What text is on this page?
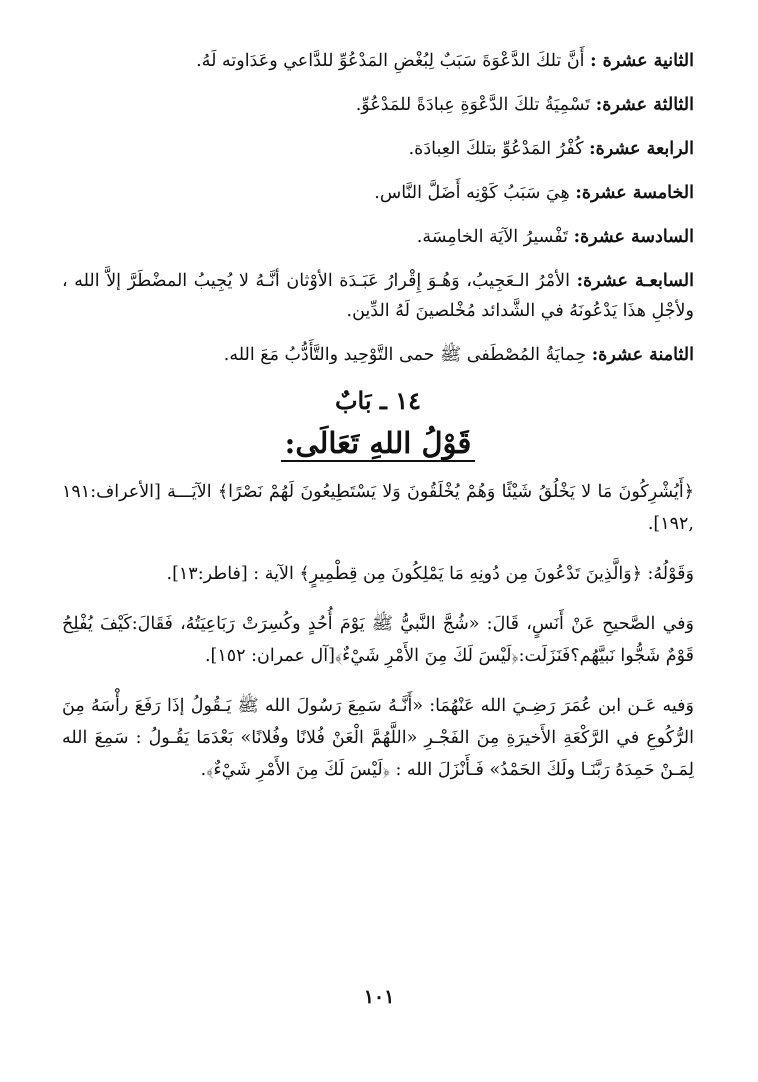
الثانية عشرة : أَنَّ تلكَ الدَّعْوَةَ سَبَبٌ لِبُغْضِ المَدْعُوِّ للدَّاعي وعَدَاوته لَهُ.

الثالثة عشرة: تَسْمِيَةُ تلكَ الدَّعْوَةِ عِبادَةً للمَدْعُوِّ.

الرابعة عشرة: كُفْرُ المَدْعُوِّ بتلكَ العِبادَة.

الخامسة عشرة: هِيَ سَبَبُ كَوْنِه أَضَلَّ النَّاس.

السادسة عشرة: تَفْسيرُ الآيَة الخامِسَة.

السابعـة عشرة: الأمْرُ الـعَجِيبُ، وَهُـوَ إِقْرارُ عَبَـدَة الأوْثان أنَّـهُ لا يُجِيبُ المضْطَرَّ إلاَّ الله ، ولأجْلِ هذَا يَدْعُونَهُ في الشَّدائد مُخْلصينَ لَهُ الدِّين.

الثامنة عشرة: حِمايَةُ المُصْطَفى ﷺ حمى التَّوْحِيد والتَّأَدُّبُ مَعَ الله.

١٤ ـ بَابٌ
قَوْلُ اللهِ تَعَالَى:

﴿أَيُشْرِكُونَ مَا لا يَخْلُقُ شَيْئًا وَهُمْ يُخْلَقُونَ وَلا يَسْتَطِيعُونَ لَهُمْ نَصْرًا﴾ الآيَـــة [الأعراف:١٩١ ,١٩٢].

وَقَوْلُهُ: ﴿وَالَّذِينَ تَدْعُونَ مِن دُونِهِ مَا يَمْلِكُونَ مِن قِطْمِيرٍ﴾ الآية : [فاطر:١٣].

وَفي الصَّحيحِ عَنْ أَنَسٍ، قَالَ: «شُجَّ النَّبيُّ ﷺ يَوْمَ أُحُدٍ وكُسِرَتْ رَبَاعِيَتُهُ، فَقَالَ:كَيْفَ يُفْلِحُ قَوْمٌ شَجُّوا نَبيَّهُم؟فَنَزَلَت:﴿لَيْسَ لَكَ مِنَ الأَمْرِ شَيْءٌ﴾[آل عمران: ١٥٢].

وَفيه عَـن ابن عُمَرَ رَضِـيَ الله عَنْهُمَا: «أَنَّـهُ سَمِعَ رَسُولَ الله ﷺ يَـقُولُ إذَا رَفَعَ رأْسَهُ مِنَ الرُّكُوعِ في الرَّكْعَةِ الأَخيرَةِ مِنَ الفَجْـرِ «اللَّهُمَّ الْعَنْ فُلانًا وفُلانًا» بَعْدَمَا يَقُـولُ : سَمِعَ الله لِمَـنْ حَمِدَهُ رَبَّنَـا ولَكَ الحَمْدُ» فَـأَنْزَلَ الله : ﴿لَيْسَ لَكَ مِنَ الأَمْرِ شَيْءٌ﴾.

١٠١
